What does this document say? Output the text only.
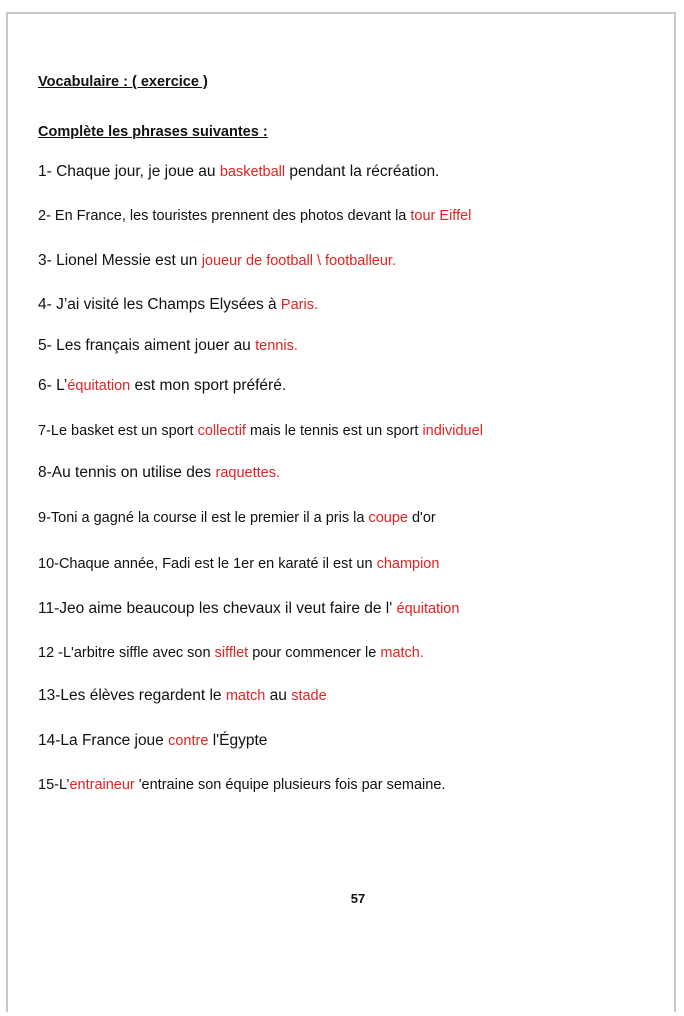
Vocabulaire : ( exercice )
Complète les phrases suivantes :
1- Chaque jour, je joue au basketball pendant la récréation.
2- En France, les touristes prennent des photos devant la tour Eiffel
3- Lionel Messie est un joueur de football \ footballeur.
4- J’ai visité les Champs Elysées à Paris.
5- Les français aiment jouer au tennis.
6- L’équitation est mon sport préféré.
7-Le basket est un sport collectif mais le tennis est un sport individuel
8-Au tennis on utilise des raquettes.
9-Toni a gagné la course il est le premier il a pris la coupe d'or
10-Chaque année, Fadi est le 1er en karaté il est un champion
11-Jeo aime beaucoup les chevaux il veut faire de l' équitation
12 -L'arbitre siffle avec son sifflet pour commencer le match.
13-Les élèves regardent le match au stade
14-La France joue contre l'Égypte
15-L’entraineur 'entraine son équipe plusieurs fois par semaine.
57
